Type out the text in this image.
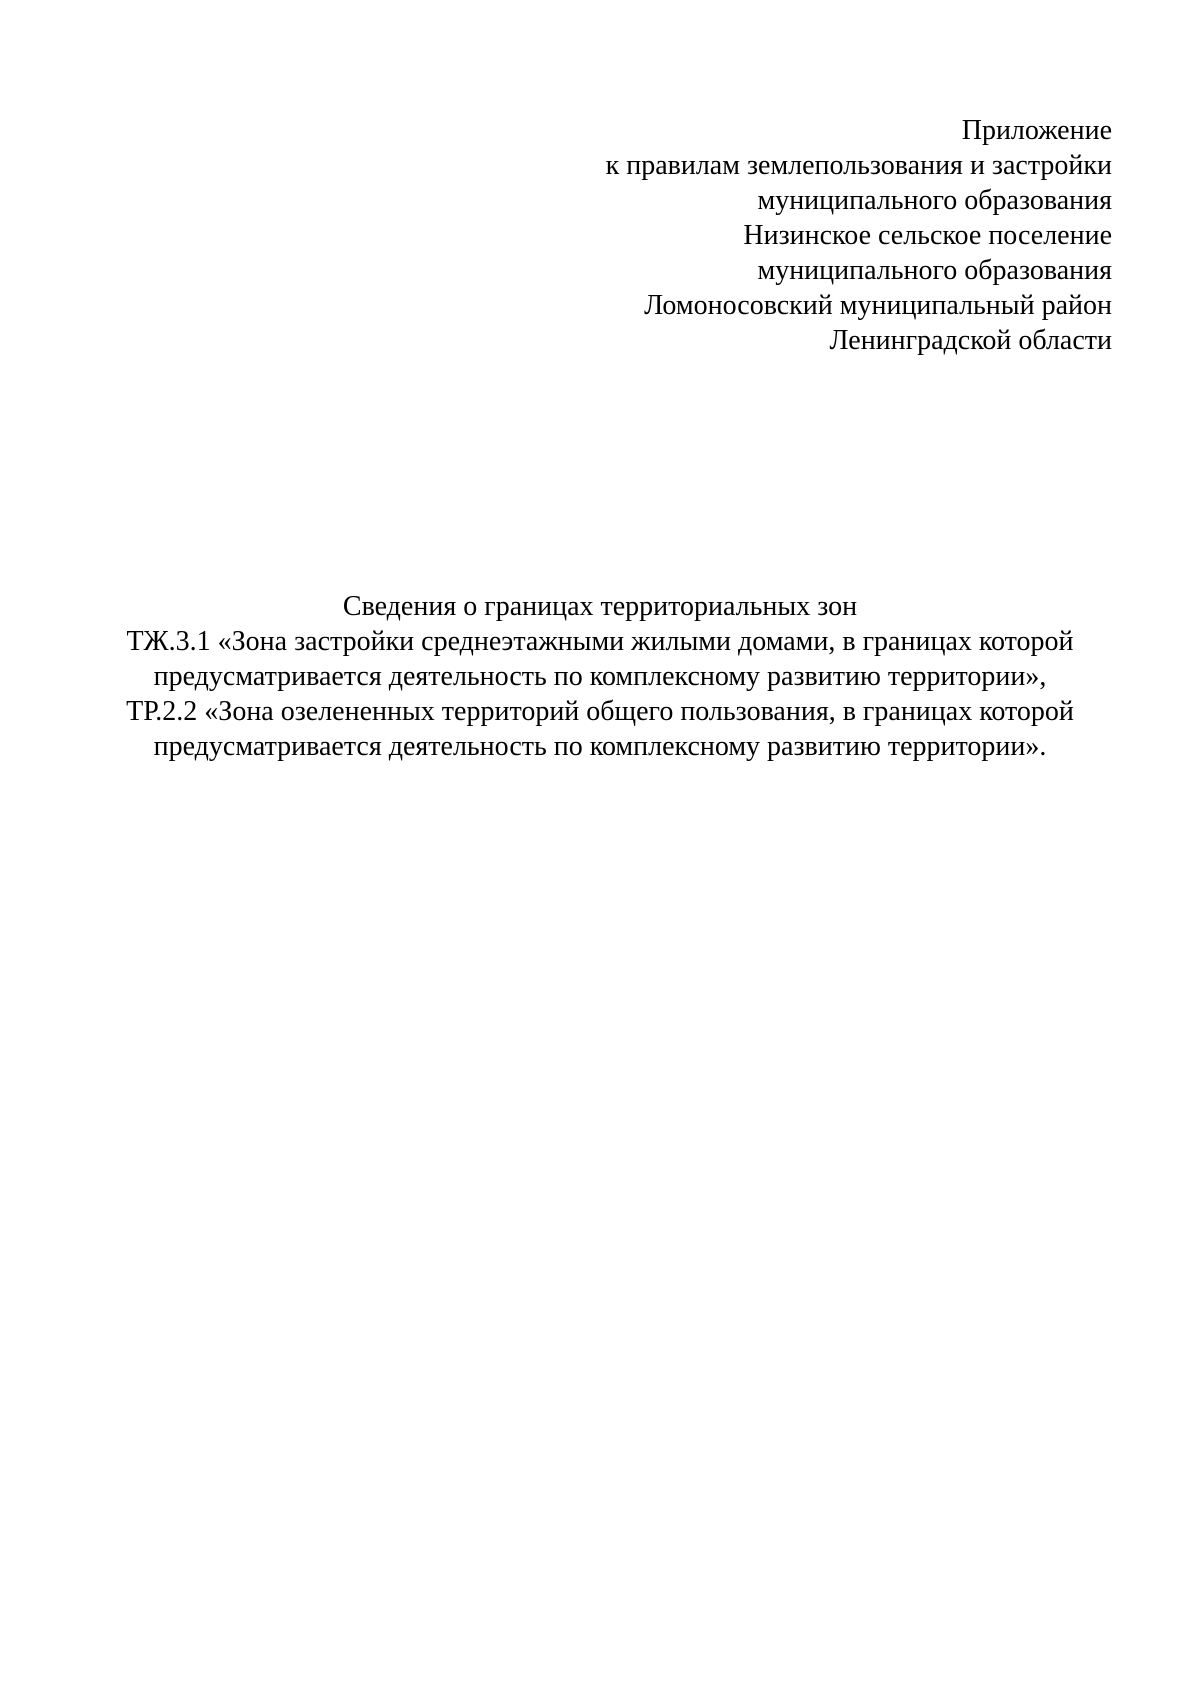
Приложение
к правилам землепользования и застройки
муниципального образования
Низинское сельское поселение
муниципального образования
Ломоносовский муниципальный район
Ленинградской области
Сведения о границах территориальных зон
ТЖ.3.1 «Зона застройки среднеэтажными жилыми домами, в границах которой
предусматривается деятельность по комплексному развитию территории»,
ТР.2.2 «Зона озелененных территорий общего пользования, в границах которой
предусматривается деятельность по комплексному развитию территории».
